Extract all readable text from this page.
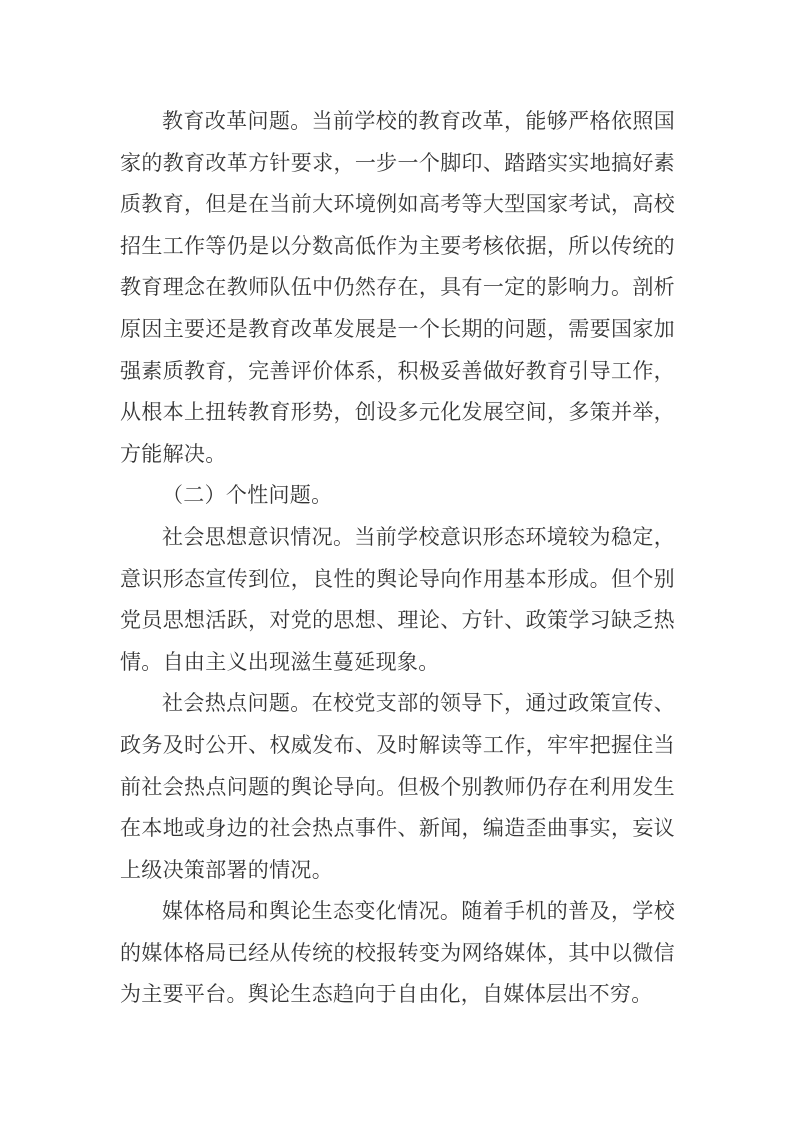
教育改革问题。当前学校的教育改革，能够严格依照国家的教育改革方针要求，一步一个脚印、踏踏实实地搞好素质教育，但是在当前大环境例如高考等大型国家考试，高校招生工作等仍是以分数高低作为主要考核依据，所以传统的教育理念在教师队伍中仍然存在，具有一定的影响力。剖析原因主要还是教育改革发展是一个长期的问题，需要国家加强素质教育，完善评价体系，积极妥善做好教育引导工作，从根本上扭转教育形势，创设多元化发展空间，多策并举，方能解决。

（二）个性问题。

社会思想意识情况。当前学校意识形态环境较为稳定，意识形态宣传到位，良性的舆论导向作用基本形成。但个别党员思想活跃，对党的思想、理论、方针、政策学习缺乏热情。自由主义出现滋生蔓延现象。

社会热点问题。在校党支部的领导下，通过政策宣传、政务及时公开、权威发布、及时解读等工作，牢牢把握住当前社会热点问题的舆论导向。但极个别教师仍存在利用发生在本地或身边的社会热点事件、新闻，编造歪曲事实，妄议上级决策部署的情况。

媒体格局和舆论生态变化情况。随着手机的普及，学校的媒体格局已经从传统的校报转变为网络媒体，其中以微信为主要平台。舆论生态趋向于自由化，自媒体层出不穷。
